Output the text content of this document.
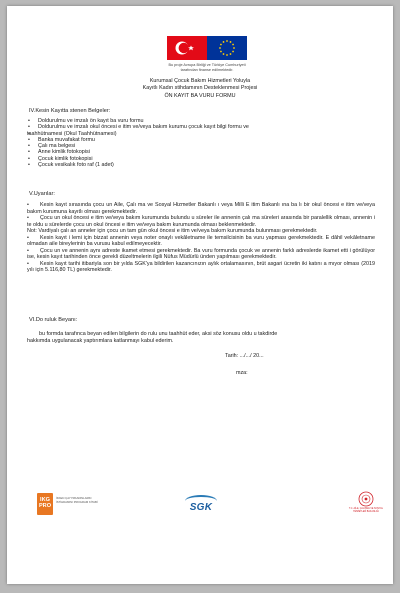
Bu proje Avrupa Birliği ve Türkiye Cumhuriyeti
tarafından finanse edilmektedir.
Kurumsal Çocuk Bakım Hizmetleri Yoluyla
Kayıtlı Kadın stihdamının Desteklenmesi Projesi
ÖN KAYIT BA VURU FORMU
IV.Kesin Kayıtta stenen Belgeler:
• Doldurulmu ve imzalı ön kayıt ba vuru formu
• Doldurulmu ve imzalı okul öncesi e itim ve/veya bakım kurumu çocuk kayıt bilgi formu ve
• taahhütnamesi (Okul Taahhütnamesi)
• Banka muvafakat formu
• Çalı ma belgesi
• Anne kimlik fotokopisi
• Çocuk kimlik fotokopisi
• Çocuk vesikalık foto raf (1 adet)
V.Uyarılar:

• Kesin kayıt sırasında çocu un Aile, Çalı ma ve Sosyal Hizmetler Bakanlı ı veya Milli E itim Bakanlı ına ba lı bir okul öncesi e itim ve/veya bakım kurumuna kayıtlı olması gerekmektedir.

• Çocu un okul öncesi e itim ve/veya bakım kurumunda bulundu u süreler ile annenin çalı ma süreleri arasında bir paralellik olması, annenin i te oldu u sürelerde çocu un okul öncesi e itim ve/veya bakım kurumunda olması beklenmektedir.

Not: Vardiyalı çalı an anneler için çocu un tam gün okul öncesi e itim ve/veya bakım kurumunda bulunması gerekmektedir.

• Kesin kayıt i lemi için bizzat annenin veya noter onaylı vekâletname ile temsilcisinin ba vuru yapması gerekmektedir. E dâhil vekâletname olmadan aile bireylerinin ba vurusu kabul edilmeyecektir.

• Çocu un ve annenin aynı adreste ikamet etmesi gerekmektedir. Ba vuru formunda çocuk ve annenin farklı adreslerde ikamet etti i görülüyor ise, kesin kayıt tarihinden önce gerekli düzeltmelerin ilgili Nüfus Müdürlü ünden yapılması gerekmektedir.

• Kesin kayıt tarihi itibariyla son bir yılda SGK'ya bildirilen kazancınızın aylık ortalamasının, brüt asgari ücretin iki katını a mıyor olması (2019 yılı için 5.116,80 TL) gerekmektedir.

VI.Do ruluk Beyanı:

bu formda tarafınca beyan edilen bilgilerin do rulu unu taahhüt eder, aksi söz konusu oldu u takdirde

hakkımda uygulanacak yaptırımlara katlanmayı kabul ederim.

Tarih: .../.../ 20...
mza:
IKG PRO
İKKEN ÇAYYRKADINLARIN İSTİHDAMINI PROGRAM KİTABİ
SGK	T.C. AİLE, ÇALIŞMA VE SOSYAL HİZMETLER BAKANLIĞI
